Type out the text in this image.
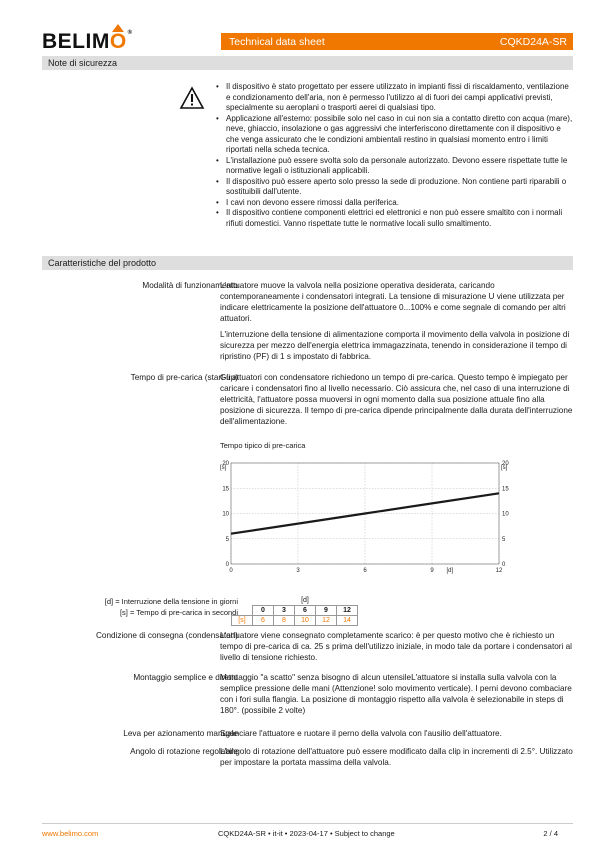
BELIMO®
Technical data sheet	CQKD24A-SR
Note di sicurezza
• Il dispositivo è stato progettato per essere utilizzato in impianti fissi di riscaldamento, ventilazione e condizionamento dell'aria, non è permesso l'utilizzo al di fuori dei campi applicativi previsti, specialmente su aeroplani o trasporti aerei di qualsiasi tipo.
• Applicazione all'esterno: possibile solo nel caso in cui non sia a contatto diretto con acqua (mare), neve, ghiaccio, insolazione o gas aggressivi che interferiscono direttamente con il dispositivo e che venga assicurato che le condizioni ambientali restino in qualsiasi momento entro i limiti riportati nella scheda tecnica.
• L'installazione può essere svolta solo da personale autorizzato. Devono essere rispettate tutte le normative legali o istituzionali applicabili.
• Il dispositivo può essere aperto solo presso la sede di produzione. Non contiene parti riparabili o sostituibili dall'utente.
• I cavi non devono essere rimossi dalla periferica.
• Il dispositivo contiene componenti elettrici ed elettronici e non può essere smaltito con i normali rifiuti domestici. Vanno rispettate tutte le normative locali sullo smaltimento.
Caratteristiche del prodotto
Modalità di funzionamento

L'attuatore muove la valvola nella posizione operativa desiderata, caricando contemporaneamente i condensatori integrati. La tensione di misurazione U viene utilizzata per indicare elettricamente la posizione dell'attuatore 0...100% e come segnale di comando per altri attuatori.

L'interruzione della tensione di alimentazione comporta il movimento della valvola in posizione di sicurezza per mezzo dell'energia elettrica immagazzinata, tenendo in considerazione il tempo di ripristino (PF) di 1 s impostato di fabbrica.

Tempo di pre-carica (start-up)

Gli attuatori con condensatore richiedono un tempo di pre-carica. Questo tempo è impiegato per caricare i condensatori fino al livello necessario. Ciò assicura che, nel caso di una interruzione di elettricità, l'attuatore possa muoversi in ogni momento dalla sua posizione attuale fino alla posizione di sicurezza. Il tempo di pre-carica dipende principalmente dalla durata dell'interruzione dell'alimentazione.

Tempo tipico di pre-carica
0	0
5	5
10	10
15	15
20	20
0	3	6	9	12
[s]	[s]
[d]
	[d]				
	0	3	6	9	12
[s]	6	8	10	12	14
[d] = Interruzione della tensione in giorni
[s] = Tempo di pre-carica in secondi
Condizione di consegna (condensatori)

L'attuatore viene consegnato completamente scarico: è per questo motivo che è richiesto un tempo di pre-carica di ca. 25 s prima dell'utilizzo iniziale, in modo tale da portare i condensatori al livello di tensione richiesto.

Montaggio semplice e diretto

Montaggio "a scatto" senza bisogno di alcun utensileL'attuatore si installa sulla valvola con la semplice pressione delle mani (Attenzione! solo movimento verticale). I perni devono combaciare con i fori sulla flangia. La posizione di montaggio rispetto alla valvola è selezionabile in steps di 180°. (possibile 2 volte)

Leva per azionamento manuale

Sganciare l'attuatore e ruotare il perno della valvola con l'ausilio dell'attuatore.

Angolo di rotazione regolabile

L'angolo di rotazione dell'attuatore può essere modificato dalla clip in incrementi di 2.5°. Utilizzato per impostare la portata massima della valvola.

www.belimo.com	CQKD24A-SR • it-it • 2023-04-17 • Subject to change	2 / 4
